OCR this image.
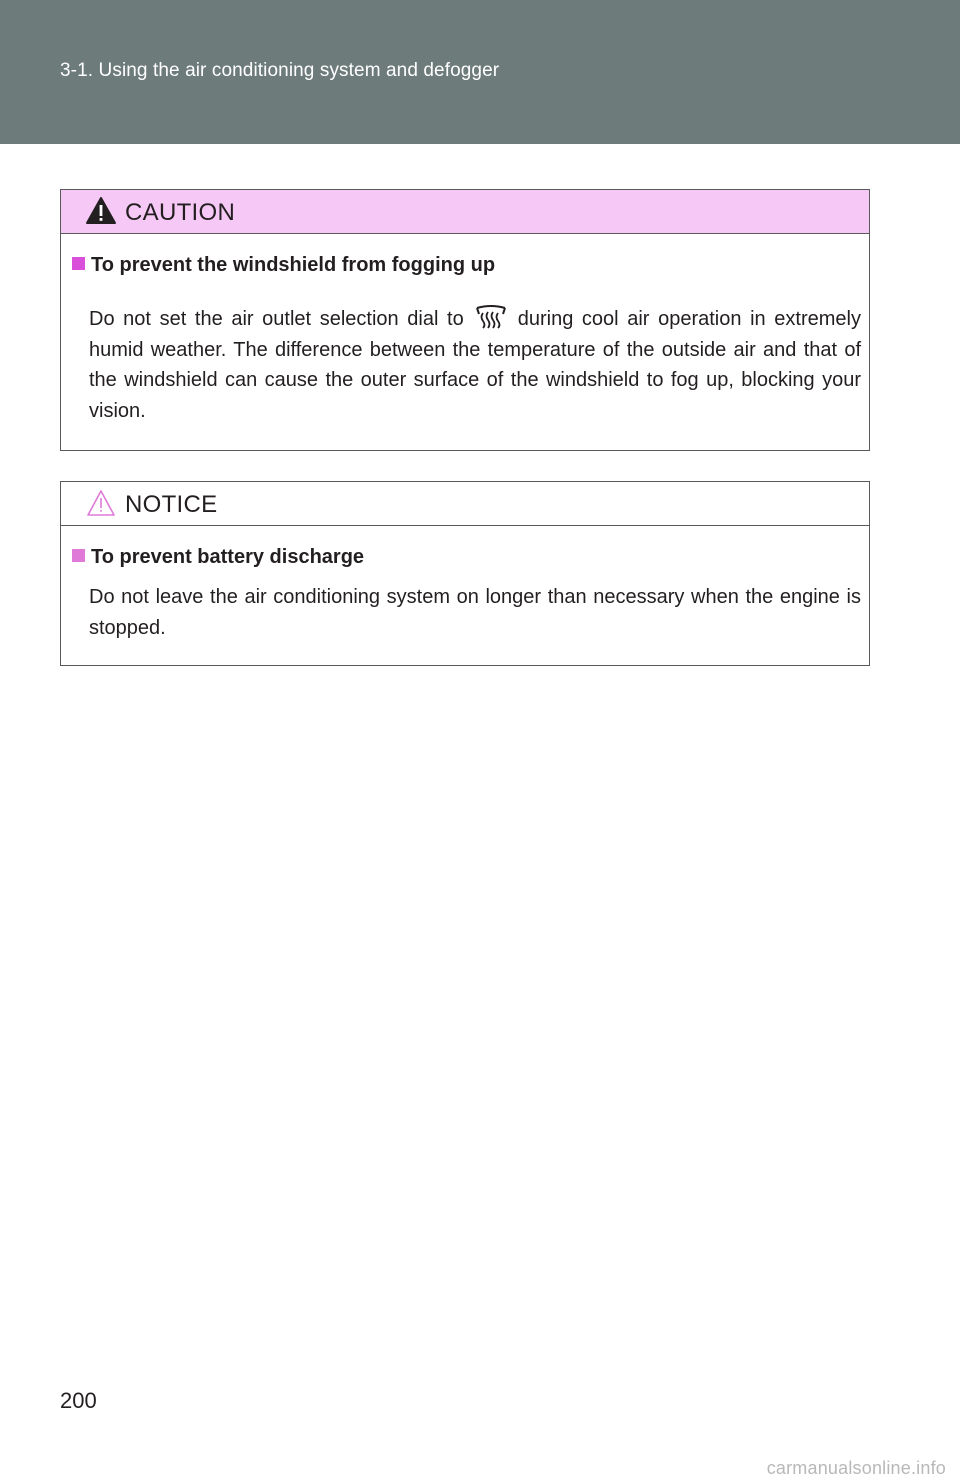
3-1. Using the air conditioning system and defogger
CAUTION
To prevent the windshield from fogging up
Do not set the air outlet selection dial to	during cool air operation in extremely humid weather. The difference between the temperature of the outside air and that of the windshield can cause the outer surface of the windshield to fog up, blocking your vision.
NOTICE
To prevent battery discharge
Do not leave the air conditioning system on longer than necessary when the engine is stopped.
200
carmanualsonline.info
